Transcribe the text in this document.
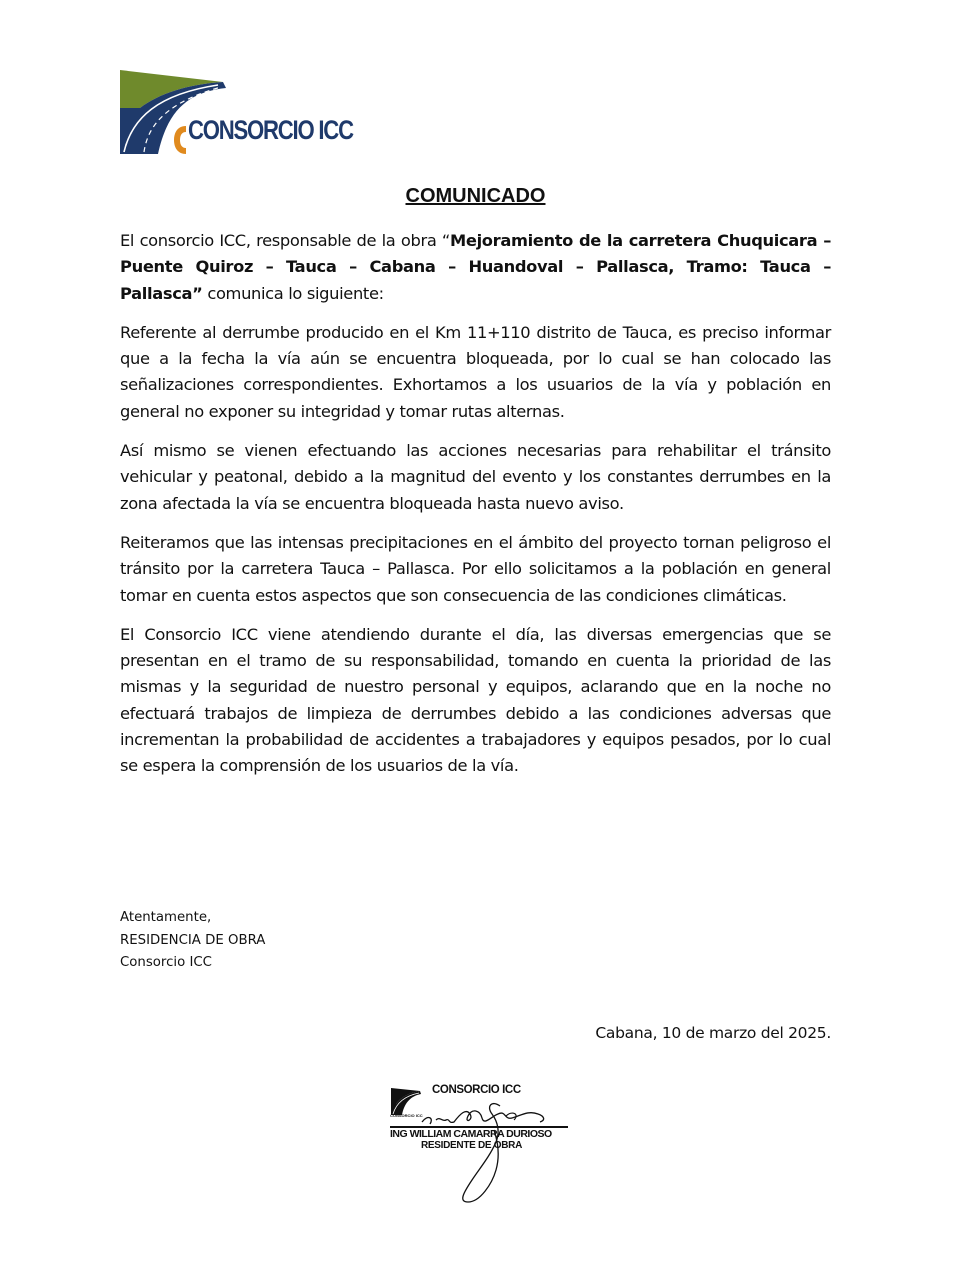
CONSORCIO ICC
COMUNICADO

El consorcio ICC, responsable de la obra “Mejoramiento de la carretera Chuquicara – Puente Quiroz – Tauca – Cabana – Huandoval – Pallasca, Tramo: Tauca – Pallasca” comunica lo siguiente:

Referente al derrumbe producido en el Km 11+110 distrito de Tauca, es preciso informar que a la fecha la vía aún se encuentra bloqueada, por lo cual se han colocado las señalizaciones correspondientes. Exhortamos a los usuarios de la vía y población en general no exponer su integridad y tomar rutas alternas.

Así mismo se vienen efectuando las acciones necesarias para rehabilitar el tránsito vehicular y peatonal, debido a la magnitud del evento y los constantes derrumbes en la zona afectada la vía se encuentra bloqueada hasta nuevo aviso.

Reiteramos que las intensas precipitaciones en el ámbito del proyecto tornan peligroso el tránsito por la carretera Tauca – Pallasca. Por ello solicitamos a la población en general tomar en cuenta estos aspectos que son consecuencia de las condiciones climáticas.

El Consorcio ICC viene atendiendo durante el día, las diversas emergencias que se presentan en el tramo de su responsabilidad, tomando en cuenta la prioridad de las mismas y la seguridad de nuestro personal y equipos, aclarando que en la noche no efectuará trabajos de limpieza de derrumbes debido a las condiciones adversas que incrementan la probabilidad de accidentes a trabajadores y equipos pesados, por lo cual se espera la comprensión de los usuarios de la vía.

Atentamente,
RESIDENCIA DE OBRA
Consorcio ICC
Cabana, 10 de marzo del 2025.
CONSORCIO ICC
CONSORCIO ICC
ING WILLIAM CAMARRA DURIOSO
RESIDENTE DE OBRA
